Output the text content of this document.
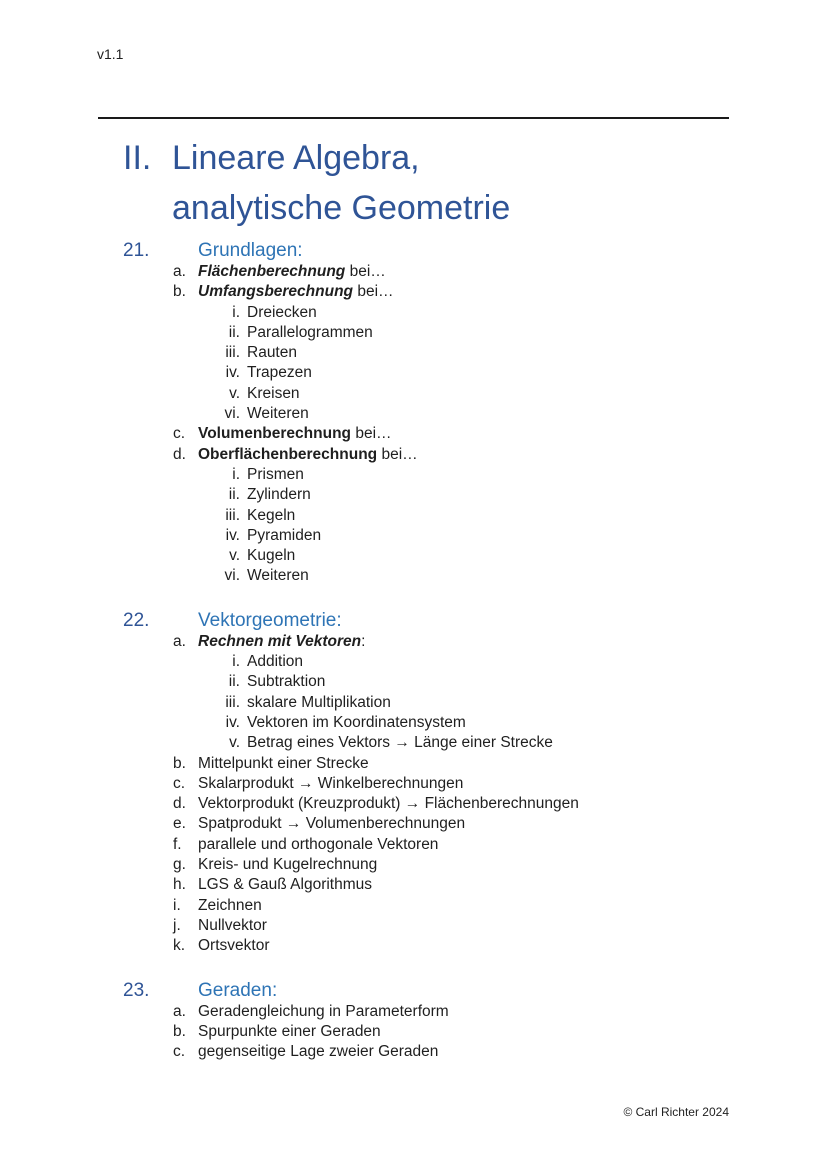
v1.1
II. Lineare Algebra,
analytische Geometrie
21.	Grundlagen:
a. Flächenberechnung bei…
b. Umfangsberechnung bei…
i. Dreiecken
ii. Parallelogrammen
iii. Rauten
iv. Trapezen
v. Kreisen
vi. Weiteren
c. Volumenberechnung bei…
d. Oberflächenberechnung bei…
i. Prismen
ii. Zylindern
iii. Kegeln
iv. Pyramiden
v. Kugeln
vi. Weiteren
22.	Vektorgeometrie:
a. Rechnen mit Vektoren:
i. Addition
ii. Subtraktion
iii. skalare Multiplikation
iv. Vektoren im Koordinatensystem
v. Betrag eines Vektors → Länge einer Strecke
b. Mittelpunkt einer Strecke
c. Skalarprodukt → Winkelberechnungen
d. Vektorprodukt (Kreuzprodukt) → Flächenberechnungen
e. Spatprodukt → Volumenberechnungen
f.	parallele und orthogonale Vektoren
g. Kreis- und Kugelrechnung
h. LGS & Gauß Algorithmus
i.	Zeichnen
j.	Nullvektor
k. Ortsvektor
23.	Geraden:
a. Geradengleichung in Parameterform
b. Spurpunkte einer Geraden
c. gegenseitige Lage zweier Geraden
© Carl Richter 2024
